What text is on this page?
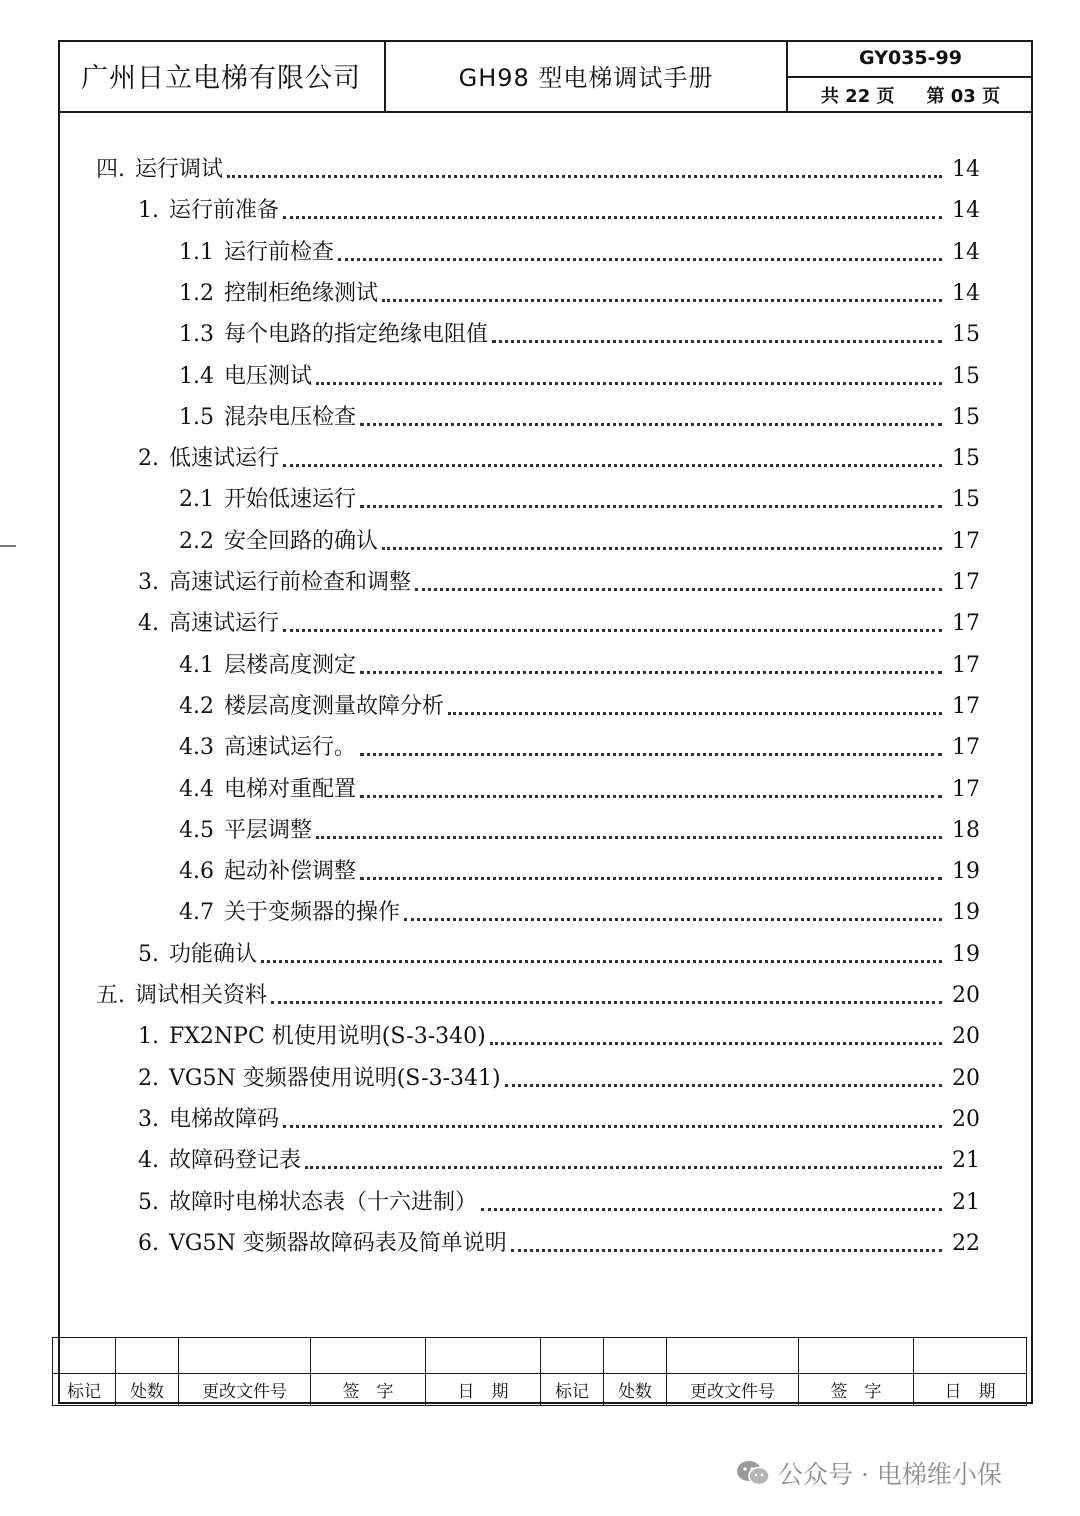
广州日立电梯有限公司	GH98 型电梯调试手册
GY035-99
共 22 页 第 03 页
四. 运行调试	14
1. 运行前准备	14
1.1 运行前检查	14
1.2 控制柜绝缘测试	14
1.3 每个电路的指定绝缘电阻值	15
1.4 电压测试	15
1.5 混杂电压检查	15
2. 低速试运行	15
2.1 开始低速运行	15
2.2 安全回路的确认	17
3. 高速试运行前检查和调整	17
4. 高速试运行	17
4.1 层楼高度测定	17
4.2 楼层高度测量故障分析	17
4.3 高速试运行。	17
4.4 电梯对重配置	17
4.5 平层调整	18
4.6 起动补偿调整	19
4.7 关于变频器的操作	19
5. 功能确认	19
五. 调试相关资料	20
1. FX2NPC 机使用说明(S-3-340)	20
2. VG5N 变频器使用说明(S-3-341)	20
3. 电梯故障码	20
4. 故障码登记表	21
5. 故障时电梯状态表（十六进制）	21
6. VG5N 变频器故障码表及简单说明	22

标记	处数	更改文件号	签　字	日　期	标记	处数	更改文件号	签　字	日　期
公众号 · 电梯维小保
